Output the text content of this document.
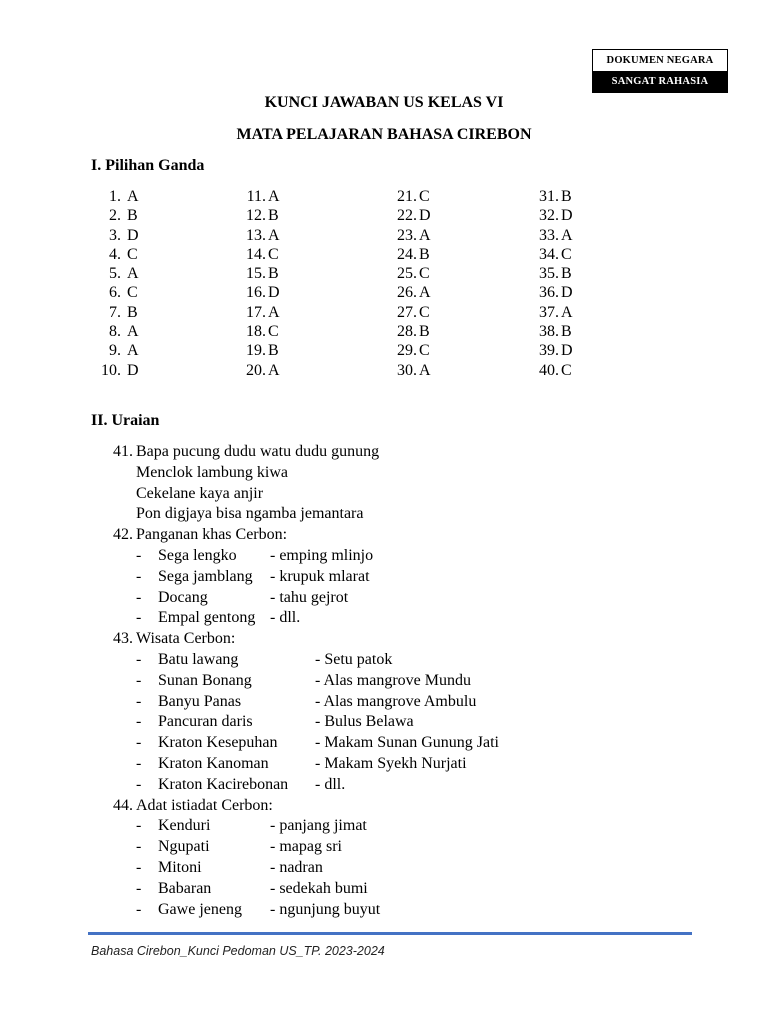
DOKUMEN NEGARA
SANGAT RAHASIA
KUNCI JAWABAN US KELAS VI
MATA PELAJARAN BAHASA CIREBON
I. Pilihan Ganda
1. A
2. B
3. D
4. C
5. A
6. C
7. B
8. A
9. A
10. D
11. A
12. B
13. A
14. C
15. B
16. D
17. A
18. C
19. B
20. A
21. C
22. D
23. A
24. B
25. C
26. A
27. C
28. B
29. C
30. A
31. B
32. D
33. A
34. C
35. B
36. D
37. A
38. B
39. D
40. C
II. Uraian
41. Bapa pucung dudu watu dudu gunung
Menclok lambung kiwa
Cekelane kaya anjir
Pon digjaya bisa ngamba jemantara
42. Panganan khas Cerbon:
- Sega lengko - emping mlinjo
- Sega jamblang - krupuk mlarat
- Docang	- tahu gejrot
- Empal gentong - dll.
43. Wisata Cerbon:
- Batu lawang	- Setu patok
- Sunan Bonang	- Alas mangrove Mundu
- Banyu Panas	- Alas mangrove Ambulu
- Pancuran daris	- Bulus Belawa
- Kraton Kesepuhan - Makam Sunan Gunung Jati
- Kraton Kanoman	- Makam Syekh Nurjati
- Kraton Kacirebonan - dll.
44. Adat istiadat Cerbon:
- Kenduri	- panjang jimat
- Ngupati	- mapag sri
- Mitoni	- nadran
- Babaran	- sedekah bumi
- Gawe jeneng - ngunjung buyut
Bahasa Cirebon_Kunci Pedoman US_TP. 2023-2024
